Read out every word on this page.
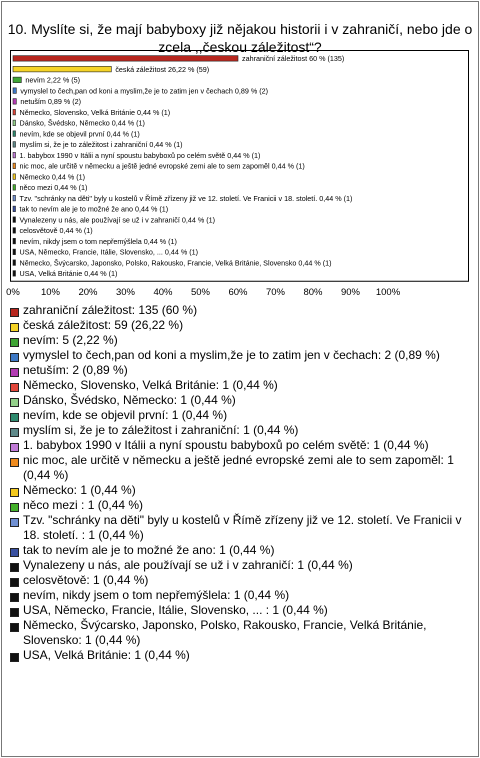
10. Myslíte si, že mají babyboxy již nějakou historii i v zahraničí, nebo jde o zcela ,,českou záležitost“?
zahraniční záležitost 60 % (135)
česká záležitost 26,22 % (59)
nevím 2,22 % (5)
vymyslel to čech,pan od koni a myslim,že je to zatim jen v čechach 0,89 % (2)
netuším 0,89 % (2)
Německo, Slovensko, Velká Británie 0,44 % (1)
Dánsko, Švédsko, Německo 0,44 % (1)
nevím, kde se objevil první 0,44 % (1)
myslím si, že je to záležitost i zahraniční 0,44 % (1)
1. babybox 1990 v Itálii a nyní spoustu babyboxů po celém světě 0,44 % (1)
nic moc, ale určitě v německu a ještě jedné evropské zemi ale to sem zapoměl 0,44 % (1)
Německo 0,44 % (1)
něco mezi 0,44 % (1)
Tzv. "schránky na děti" byly u kostelů v Římě zřízeny již ve 12. století. Ve Franicii v 18. století. 0,44 % (1)
tak to nevím ale je to možné že ano 0,44 % (1)
Vynalezeny u nás, ale používají se už i v zahraničí 0,44 % (1)
celosvětově 0,44 % (1)
nevím, nikdy jsem o tom nepřemýšlela 0,44 % (1)
USA, Německo, Francie, Itálie, Slovensko, ... 0,44 % (1)
Německo, Švýcarsko, Japonsko, Polsko, Rakousko, Francie, Velká Británie, Slovensko 0,44 % (1)
USA, Velká Británie 0,44 % (1)
0% 10% 20% 30% 40% 50% 60% 70% 80% 90% 100%
zahraniční záležitost: 135 (60 %)
česká záležitost: 59 (26,22 %)
nevím: 5 (2,22 %)
vymyslel to čech,pan od koni a myslim,že je to zatim jen v čechach: 2 (0,89 %)
netuším: 2 (0,89 %)
Německo, Slovensko, Velká Británie: 1 (0,44 %)
Dánsko, Švédsko, Německo: 1 (0,44 %)
nevím, kde se objevil první: 1 (0,44 %)
myslím si, že je to záležitost i zahraniční: 1 (0,44 %)
1. babybox 1990 v Itálii a nyní spoustu babyboxů po celém světě: 1 (0,44 %)
nic moc, ale určitě v německu a ještě jedné evropské zemi ale to sem zapoměl: 1 (0,44 %)
Německo: 1 (0,44 %)
něco mezi : 1 (0,44 %)
Tzv. "schránky na děti" byly u kostelů v Římě zřízeny již ve 12. století. Ve Franicii v 18. století. : 1 (0,44 %)
tak to nevím ale je to možné že ano: 1 (0,44 %)
Vynalezeny u nás, ale používají se už i v zahraničí: 1 (0,44 %)
celosvětově: 1 (0,44 %)
nevím, nikdy jsem o tom nepřemýšlela: 1 (0,44 %)
USA, Německo, Francie, Itálie, Slovensko, ... : 1 (0,44 %)
Německo, Švýcarsko, Japonsko, Polsko, Rakousko, Francie, Velká Británie, Slovensko: 1 (0,44 %)
USA, Velká Británie: 1 (0,44 %)
